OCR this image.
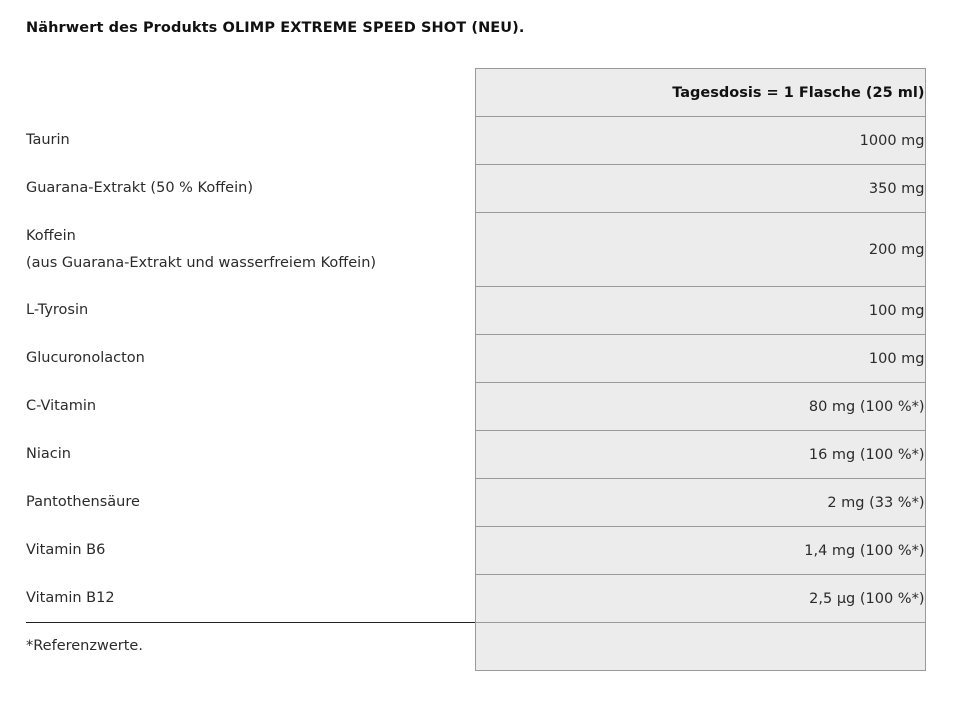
Nährwert des Produkts OLIMP EXTREME SPEED SHOT (NEU).
	Tagesdosis = 1 Flasche (25 ml)
Taurin	1000 mg
Guarana-Extrakt (50 % Koffein)	350 mg

Koffein
(aus Guarana-Extrakt und wasserfreiem Koffein)	200 mg
L-Tyrosin	100 mg
Glucuronolacton	100 mg
C-Vitamin	80 mg (100 %*)
Niacin	16 mg (100 %*)
Pantothensäure	2 mg (33 %*)
Vitamin B6	1,4 mg (100 %*)
Vitamin B12	2,5 µg (100 %*)
*Referenzwerte.	
